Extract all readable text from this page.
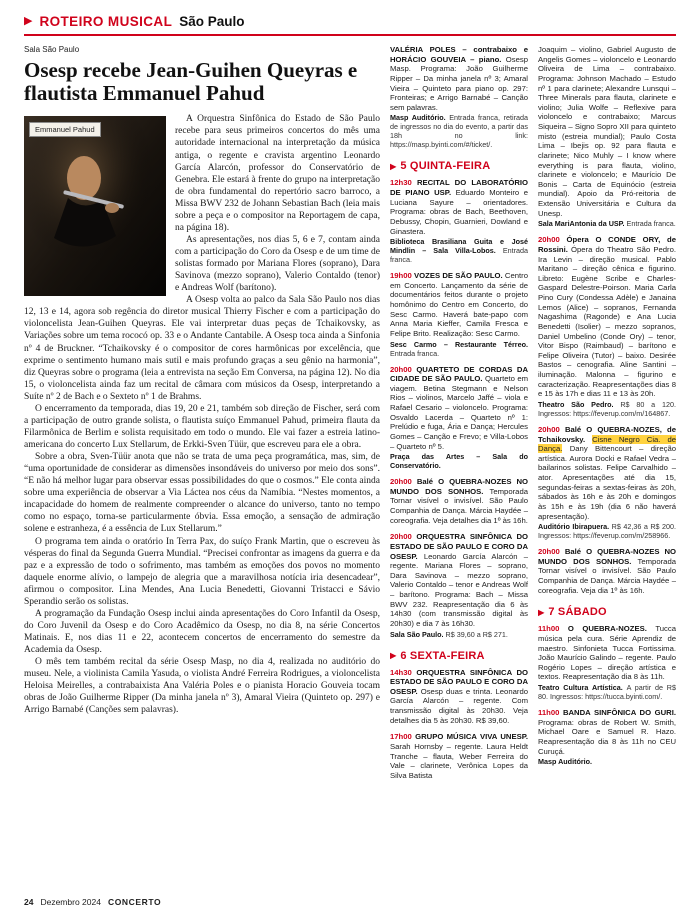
▶ ROTEIRO MUSICAL São Paulo
Sala São Paulo
Osesp recebe Jean-Guihen Queyras e flautista Emmanuel Pahud
Emmanuel Pahud

A Orquestra Sinfônica do Estado de São Paulo recebe para seus primeiros concertos do mês uma autoridade internacional na interpretação da música antiga, o regente e cravista argentino Leonardo García Alarcón, professor do Conservatório de Genebra. Ele estará à frente do grupo na interpretação de obra fundamental do repertório sacro barroco, a Missa BWV 232 de Johann Sebastian Bach (leia mais sobre a peça e o compositor na Reportagem de capa, na página 18).

As apresentações, nos dias 5, 6 e 7, contam ainda com a participação do Coro da Osesp e de um time de solistas formado por Mariana Flores (soprano), Dara Savinova (mezzo soprano), Valerio Contaldo (tenor) e Andreas Wolf (barítono).

A Osesp volta ao palco da Sala São Paulo nos dias 12, 13 e 14, agora sob regência do diretor musical Thierry Fischer e com a participação do violoncelista Jean-Guihen Queyras. Ele vai interpretar duas peças de Tchaikovsky, as Variações sobre um tema rococó op. 33 e o Andante Cantabile. A Osesp toca ainda a Sinfonia nº 4 de Bruckner. “Tchaikovsky é o compositor de cores harmônicas por excelência, que exprime o sentimento humano mais sutil e mais profundo graças a seu gênio na harmonia”, diz Queyras sobre o programa (leia a entrevista na seção Em Conversa, na página 12). No dia 15, o violoncelista ainda faz um recital de câmara com músicos da Osesp, interpretando a Suíte nº 2 de Bach e o Sexteto nº 1 de Brahms.

O encerramento da temporada, dias 19, 20 e 21, também sob direção de Fischer, será com a participação de outro grande solista, o flautista suíço Emmanuel Pahud, primeira flauta da Filarmônica de Berlim e solista requisitado em todo o mundo. Ele vai fazer a estreia latino-americana do concerto Lux Stellarum, de Erkki-Sven Tüür, que escreveu para ele a obra.

Sobre a obra, Sven-Tüür anota que não se trata de uma peça programática, mas, sim, de “uma oportunidade de considerar as dimensões insondáveis do universo por meio dos sons”. “E não há melhor lugar para observar essas possibilidades do que o cosmos.” Ele conta ainda sobre uma experiência de observar a Via Láctea nos céus da Namíbia. “Nestes momentos, a incapacidade do homem de realmente compreender o alcance do universo, tanto no tempo como no espaço, torna-se particularmente óbvia. Essa emoção, a sensação de admiração solene e estranheza, é a essência de Lux Stellarum.”

O programa tem ainda o oratório In Terra Pax, do suíço Frank Martin, que o escreveu às vésperas do final da Segunda Guerra Mundial. “Precisei confrontar as imagens da guerra e da paz e a expressão de todo o sofrimento, mas também as emoções dos povos no momento daquele enorme alívio, o lampejo de alegria que a maravilhosa notícia iria desencadear”, afirmou o compositor. Lina Mendes, Ana Lucia Benedetti, Giovanni Tristacci e Sávio Sperandio serão os solistas.

A programação da Fundação Osesp inclui ainda apresentações do Coro Infantil da Osesp, do Coro Juvenil da Osesp e do Coro Acadêmico da Osesp, no dia 8, na série Concertos Matinais. E, nos dias 11 e 22, acontecem concertos de encerramento do semestre da Academia da Osesp.

O mês tem também recital da série Osesp Masp, no dia 4, realizada no auditório do museu. Nele, a violinista Camila Yasuda, o violista André Ferreira Rodrigues, a violoncelista Heloisa Meirelles, a contrabaixista Ana Valéria Poles e o pianista Horacio Gouveia tocam obras de João Guilherme Ripper (Da minha janela nº 3), Amaral Vieira (Quinteto op. 297) e Arrigo Barnabé (Canções sem palavras).

VALÉRIA POLES – contrabaixo e HORÁCIO GOUVEIA – piano. Osesp Masp. Programa: João Guilherme Ripper – Da minha janela nº 3; Amaral Vieira – Quinteto para piano op. 297: Fronteiras; e Arrigo Barnabé – Canção sem palavras.

Masp Auditório. Entrada franca, retirada de ingressos no dia do evento, a partir das 18h no link: https://masp.byinti.com/#/ticket/.

▶ 5 QUINTA-FEIRA

12h30 RECITAL DO LABORATÓRIO DE PIANO USP. Eduardo Monteiro e Luciana Sayure – orientadores. Programa: obras de Bach, Beethoven, Debussy, Chopin, Guarnieri, Dowland e Ginastera.

Biblioteca Brasiliana Guita e José Mindlin – Sala Villa-Lobos. Entrada franca.

19h00 VOZES DE SÃO PAULO. Centro em Concerto. Lançamento da série de documentários feitos durante o projeto homônimo do Centro em Concerto, do Sesc Carmo. Haverá bate-papo com Anna Maria Kieffer, Camila Fresca e Felipe Brito. Realização: Sesc Carmo.

Sesc Carmo – Restaurante Térreo. Entrada franca.

20h00 QUARTETO DE CORDAS DA CIDADE DE SÃO PAULO. Quarteto em viagem. Betina Stegmann e Nelson Rios – violinos, Marcelo Jaffé – viola e Rafael Cesario – violoncelo. Programa: Osvaldo Lacerda – Quarteto nº 1: Prelúdio e fuga, Ária e Dança; Hercules Gomes – Canção e Frevo; e Villa-Lobos – Quarteto nº 5.

Praça das Artes – Sala do Conservatório.

20h00 Balé O QUEBRA-NOZES NO MUNDO DOS SONHOS. Temporada Tornar visível o invisível. São Paulo Companhia de Dança. Márcia Haydée – coreografia. Veja detalhes dia 1º às 16h.

20h00 ORQUESTRA SINFÔNICA DO ESTADO DE SÃO PAULO E CORO DA OSESP. Leonardo García Alarcón – regente. Mariana Flores – soprano, Dara Savinova – mezzo soprano, Valerio Contaldo – tenor e Andreas Wolf – barítono. Programa: Bach – Missa BWV 232. Reapresentação dia 6 às 14h30 (com transmissão digital às 20h30) e dia 7 às 16h30.

Sala São Paulo. R$ 39,60 a R$ 271.

▶ 6 SEXTA-FEIRA

14h30 ORQUESTRA SINFÔNICA DO ESTADO DE SÃO PAULO E CORO DA OSESP. Osesp duas e trinta. Leonardo García Alarcón – regente. Com transmissão digital às 20h30. Veja detalhes dia 5 às 20h30. R$ 39,60.

17h00 GRUPO MÚSICA VIVA UNESP. Sarah Hornsby – regente. Laura Heldt Tranche – flauta, Weber Ferreira do Vale – clarinete, Verônica Lopes da Silva Batista

Joaquim – violino, Gabriel Augusto de Angelis Gomes – violoncelo e Leonardo Oliveira de Lima – contrabaixo. Programa: Johnson Machado – Estudo nº 1 para clarinete; Alexandre Lunsqui – Three Minerals para flauta, clarinete e violino; Julia Wolfe – Reflexive para violoncelo e contrabaixo; Marcus Siqueira – Signo Sopro XII para quinteto misto (estreia mundial); Paulo Costa Lima – Ibejis op. 92 para flauta e clarinete; Nico Muhly – I know where everything is para flauta, violino, clarinete e violoncelo; e Maurício De Bonis – Carta de Equinócio (estreia mundial). Apoio da Pró-reitoria de Extensão Universitária e Cultura da Unesp.

Sala MariAntonia da USP. Entrada franca.

20h00 Ópera O CONDE ORY, de Rossini. Ópera do Theatro São Pedro. Ira Levin – direção musical. Pablo Maritano – direção cênica e figurino. Libreto: Eugène Scribe e Charles-Gaspard Delestre-Poirson. Maria Carla Pino Cury (Condessa Adèle) e Janaina Lemos (Alice) – sopranos, Fernanda Nagashima (Ragonde) e Ana Lucia Benedetti (Isolier) – mezzo sopranos, Daniel Umbelino (Conde Ory) – tenor, Vitor Bispo (Raimbaud) – barítono e Felipe Oliveira (Tutor) – baixo. Desirée Bastos – cenografia. Aline Santini – iluminação. Malonna – figurino e caracterização. Reapresentações dias 8 e 15 às 17h e dias 11 e 13 às 20h.

Theatro São Pedro. R$ 80 a 120. Ingressos: https://feverup.com/m/164867.

20h00 Balé O QUEBRA-NOZES, de Tchaikovsky. Cisne Negro Cia. de Dança. Dany Bittencourt – direção artística. Aurora Docki e Rafael Vedra – bailarinos solistas. Felipe Carvalhido – ator. Apresentações até dia 15, segundas-feiras a sextas-feiras às 20h, sábados às 16h e às 20h e domingos às 15h e às 19h (dia 6 não haverá apresentação).

Auditório Ibirapuera. R$ 42,36 a R$ 200. Ingressos: https://feverup.com/m/258966.

20h00 Balé O QUEBRA-NOZES NO MUNDO DOS SONHOS. Temporada Tornar visível o invisível. São Paulo Companhia de Dança. Márcia Haydée – coreografia. Veja dia 1º às 16h.

▶ 7 SÁBADO

11h00 O QUEBRA-NOZES. Tucca música pela cura. Série Aprendiz de maestro. Sinfonieta Tucca Fortissima. João Maurício Galindo – regente. Paulo Rogério Lopes – direção artística e textos. Reapresentação dia 8 às 11h.

Teatro Cultura Artística. A partir de R$ 80. Ingressos: https://tucca.byinti.com/.

11h00 BANDA SINFÔNICA DO GURI. Programa: obras de Robert W. Smith, Michael Oare e Samuel R. Hazo. Reapresentação dia 8 às 11h no CEU Curuçá.

Masp Auditório.

24 Dezembro 2024 CONCERTO
